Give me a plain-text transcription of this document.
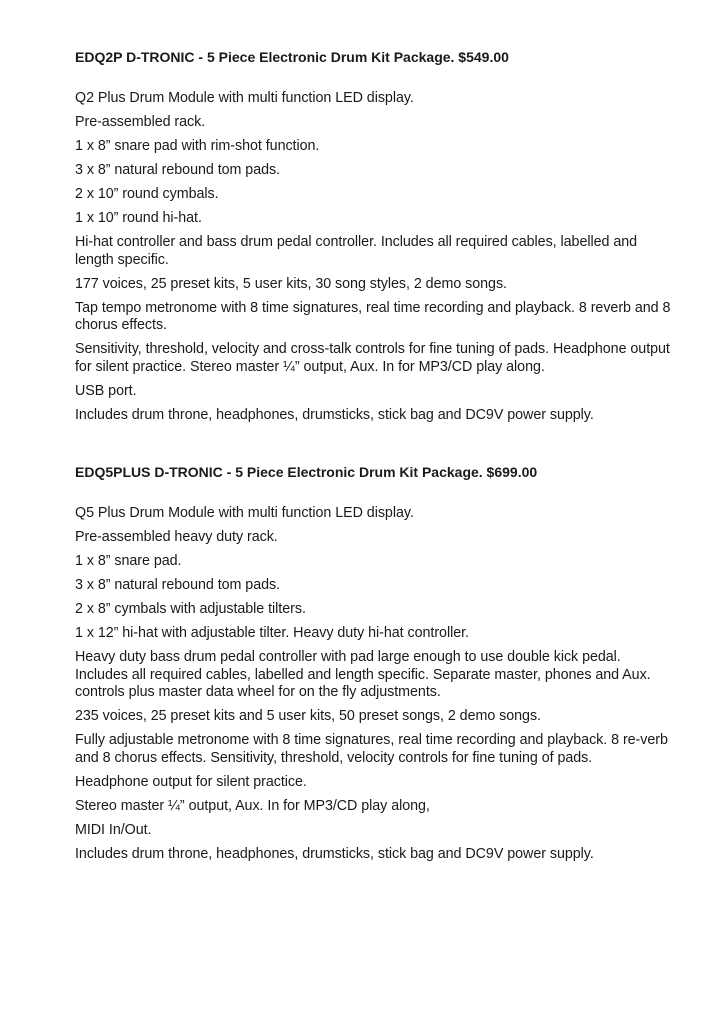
EDQ2P D-TRONIC - 5 Piece Electronic Drum Kit Package. $549.00
Q2 Plus Drum Module with multi function LED display.
Pre-assembled rack.
1 x 8” snare pad with rim-shot function.
3 x 8” natural rebound tom pads.
2 x 10” round cymbals.
1 x 10” round hi-hat.
Hi-hat controller and bass drum pedal controller. Includes all required cables, labelled and length specific.
177 voices, 25 preset kits, 5 user kits, 30 song styles, 2 demo songs.
Tap tempo metronome with 8 time signatures, real time recording and playback. 8 reverb and 8 chorus effects.
Sensitivity, threshold, velocity and cross-talk controls for fine tuning of pads. Headphone output for silent practice. Stereo master ¼” output, Aux. In for MP3/CD play along.
USB port.
Includes drum throne, headphones, drumsticks, stick bag and DC9V power supply.
EDQ5PLUS D-TRONIC - 5 Piece Electronic Drum Kit Package. $699.00
Q5 Plus Drum Module with multi function LED display.
Pre-assembled heavy duty rack.
1 x 8” snare pad.
3 x 8” natural rebound tom pads.
2 x 8” cymbals with adjustable tilters.
1 x 12” hi-hat with adjustable tilter. Heavy duty hi-hat controller.
Heavy duty bass drum pedal controller with pad large enough to use double kick pedal. Includes all required cables, labelled and length specific. Separate master, phones and Aux. controls plus master data wheel for on the fly adjustments.
235 voices, 25 preset kits and 5 user kits, 50 preset songs, 2 demo songs.
Fully adjustable metronome with 8 time signatures, real time recording and playback. 8 re-verb and 8 chorus effects. Sensitivity, threshold, velocity controls for fine tuning of pads.
Headphone output for silent practice.
Stereo master ¼” output, Aux. In for MP3/CD play along,
MIDI In/Out.
Includes drum throne, headphones, drumsticks, stick bag and DC9V power supply.
